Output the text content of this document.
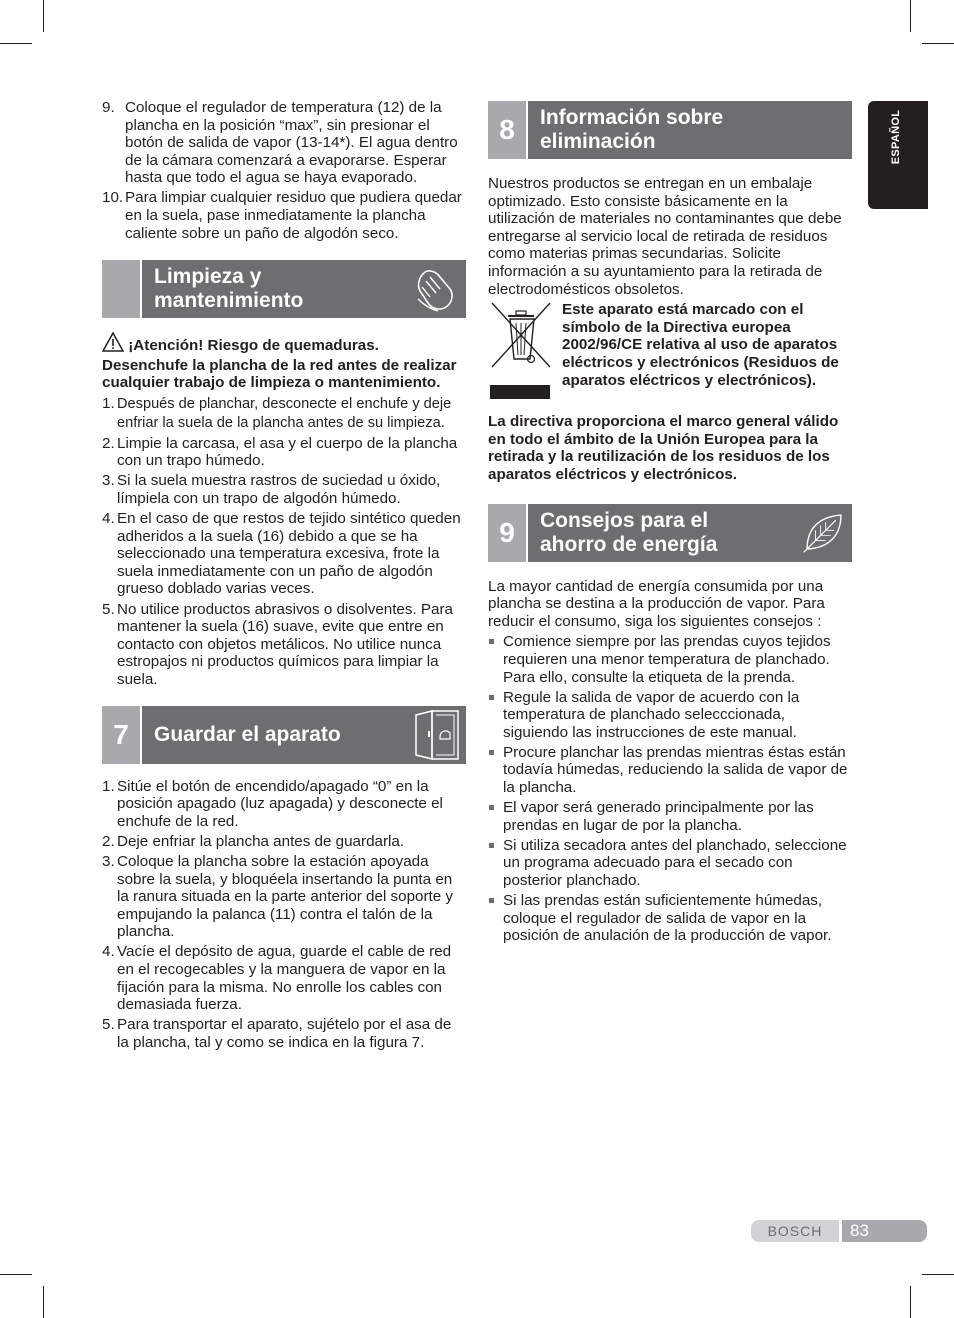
ESPAÑOL
9. Coloque el regulador de temperatura (12) de la plancha en la posición “max”, sin presionar el botón de salida de vapor (13-14*). El agua dentro de la cámara comenzará a evaporarse. Esperar hasta que todo el agua se haya evaporado.
10. Para limpiar cualquier residuo que pudiera quedar en la suela, pase inmediatamente la plancha caliente sobre un paño de algodón seco.
Limpieza y mantenimiento

¡Atención! Riesgo de quemaduras.

Desenchufe la plancha de la red antes de realizar cualquier trabajo de limpieza o mantenimiento.

1. Después de planchar, desconecte el enchufe y deje enfriar la suela de la plancha antes de su limpieza.
2. Limpie la carcasa, el asa y el cuerpo de la plancha con un trapo húmedo.
3. Si la suela muestra rastros de suciedad u óxido, límpiela con un trapo de algodón húmedo.
4. En el caso de que restos de tejido sintético queden adheridos a la suela (16) debido a que se ha seleccionado una temperatura excesiva, frote la suela inmediatamente con un paño de algodón grueso doblado varias veces.
5. No utilice productos abrasivos o disolventes. Para mantener la suela (16) suave, evite que entre en contacto con objetos metálicos. No utilice nunca estropajos ni productos químicos para limpiar la suela.
7	Guardar el aparato
1. Sitúe el botón de encendido/apagado “0” en la posición apagado (luz apagada) y desconecte el enchufe de la red.
2. Deje enfriar la plancha antes de guardarla.
3. Coloque la plancha sobre la estación apoyada sobre la suela, y bloquéela insertando la punta en la ranura situada en la parte anterior del soporte y empujando la palanca (11) contra el talón de la plancha.
4. Vacíe el depósito de agua, guarde el cable de red en el recogecables y la manguera de vapor en la fijación para la misma. No enrolle los cables con demasiada fuerza.
5. Para transportar el aparato, sujételo por el asa de la plancha, tal y como se indica en la figura 7.
8	Información sobre eliminación

Nuestros productos se entregan en un embalaje optimizado. Esto consiste básicamente en la utilización de materiales no contaminantes que debe entregarse al servicio local de retirada de residuos como materias primas secundarias. Solicite información a su ayuntamiento para la retirada de electrodomésticos obsoletos.

Este aparato está marcado con el símbolo de la Directiva europea 2002/96/CE relativa al uso de aparatos eléctricos y electrónicos (Residuos de aparatos eléctricos y electrónicos).

La directiva proporciona el marco general válido en todo el ámbito de la Unión Europea para la retirada y la reutilización de los residuos de los aparatos eléctricos y electrónicos.

9	Consejos para el ahorro de energía

La mayor cantidad de energía consumida por una plancha se destina a la producción de vapor. Para reducir el consumo, siga los siguientes consejos :

Comience siempre por las prendas cuyos tejidos requieren una menor temperatura de planchado. Para ello, consulte la etiqueta de la prenda.
Regule la salida de vapor de acuerdo con la temperatura de planchado selecccionada, siguiendo las instrucciones de este manual.
Procure planchar las prendas mientras éstas están todavía húmedas, reduciendo la salida de vapor de la plancha.
El vapor será generado principalmente por las prendas en lugar de por la plancha.
Si utiliza secadora antes del planchado, seleccione un programa adecuado para el secado con posterior planchado.
Si las prendas están suficientemente húmedas, coloque el regulador de salida de vapor en la posición de anulación de la producción de vapor.
BOSCH	83
